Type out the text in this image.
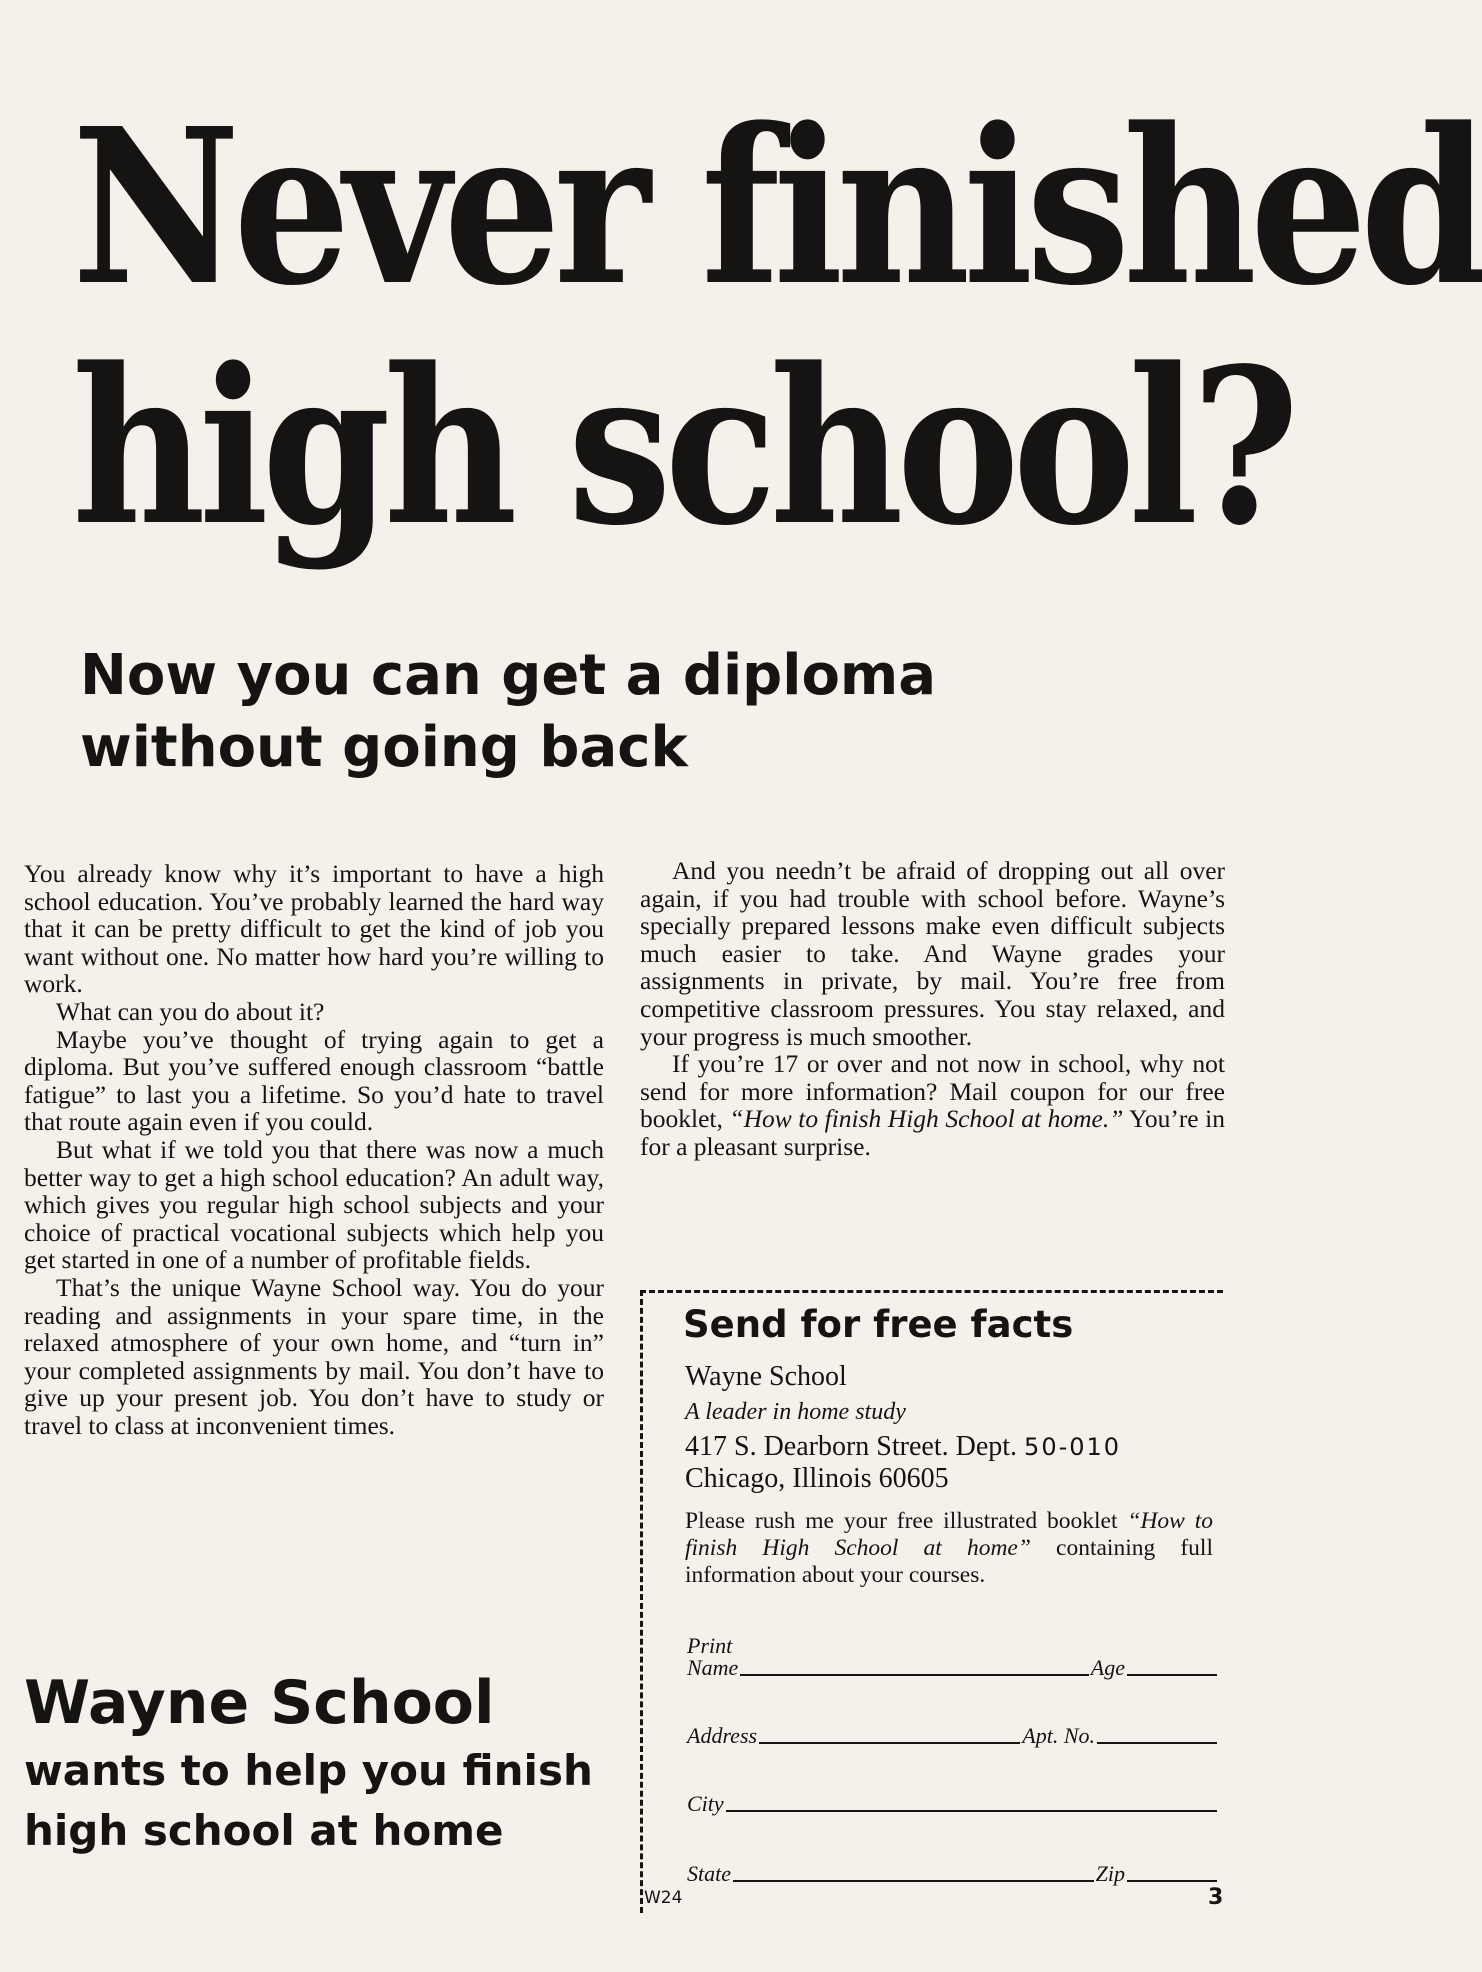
Never finished
high school?
Now you can get a diploma
without going back

You already know why it’s important to have a high school education. You’ve probably learned the hard way that it can be pretty difficult to get the kind of job you want without one. No matter how hard you’re willing to work.

What can you do about it?

Maybe you’ve thought of trying again to get a diploma. But you’ve suffered enough classroom “battle fatigue” to last you a lifetime. So you’d hate to travel that route again even if you could.

But what if we told you that there was now a much better way to get a high school education? An adult way, which gives you regular high school subjects and your choice of practical vocational subjects which help you get started in one of a number of profitable fields.

That’s the unique Wayne School way. You do your reading and assignments in your spare time, in the relaxed atmosphere of your own home, and “turn in” your completed assignments by mail. You don’t have to give up your present job. You don’t have to study or travel to class at inconvenient times.

And you needn’t be afraid of dropping out all over again, if you had trouble with school before. Wayne’s specially prepared lessons make even difficult subjects much easier to take. And Wayne grades your assignments in private, by mail. You’re free from competitive classroom pressures. You stay relaxed, and your progress is much smoother.

If you’re 17 or over and not now in school, why not send for more information? Mail coupon for our free booklet, “How to finish High School at home.” You’re in for a pleasant surprise.

Wayne School
wants to help you finish
high school at home
Send for free facts
Wayne School
A leader in home study
417 S. Dearborn Street. Dept. 50-010
Chicago, Illinois 60605

Please rush me your free illustrated booklet “How to finish High School at home” containing full information about your courses.

Print
Name	Age
Address	Apt. No.
City
State	Zip
W24	3
